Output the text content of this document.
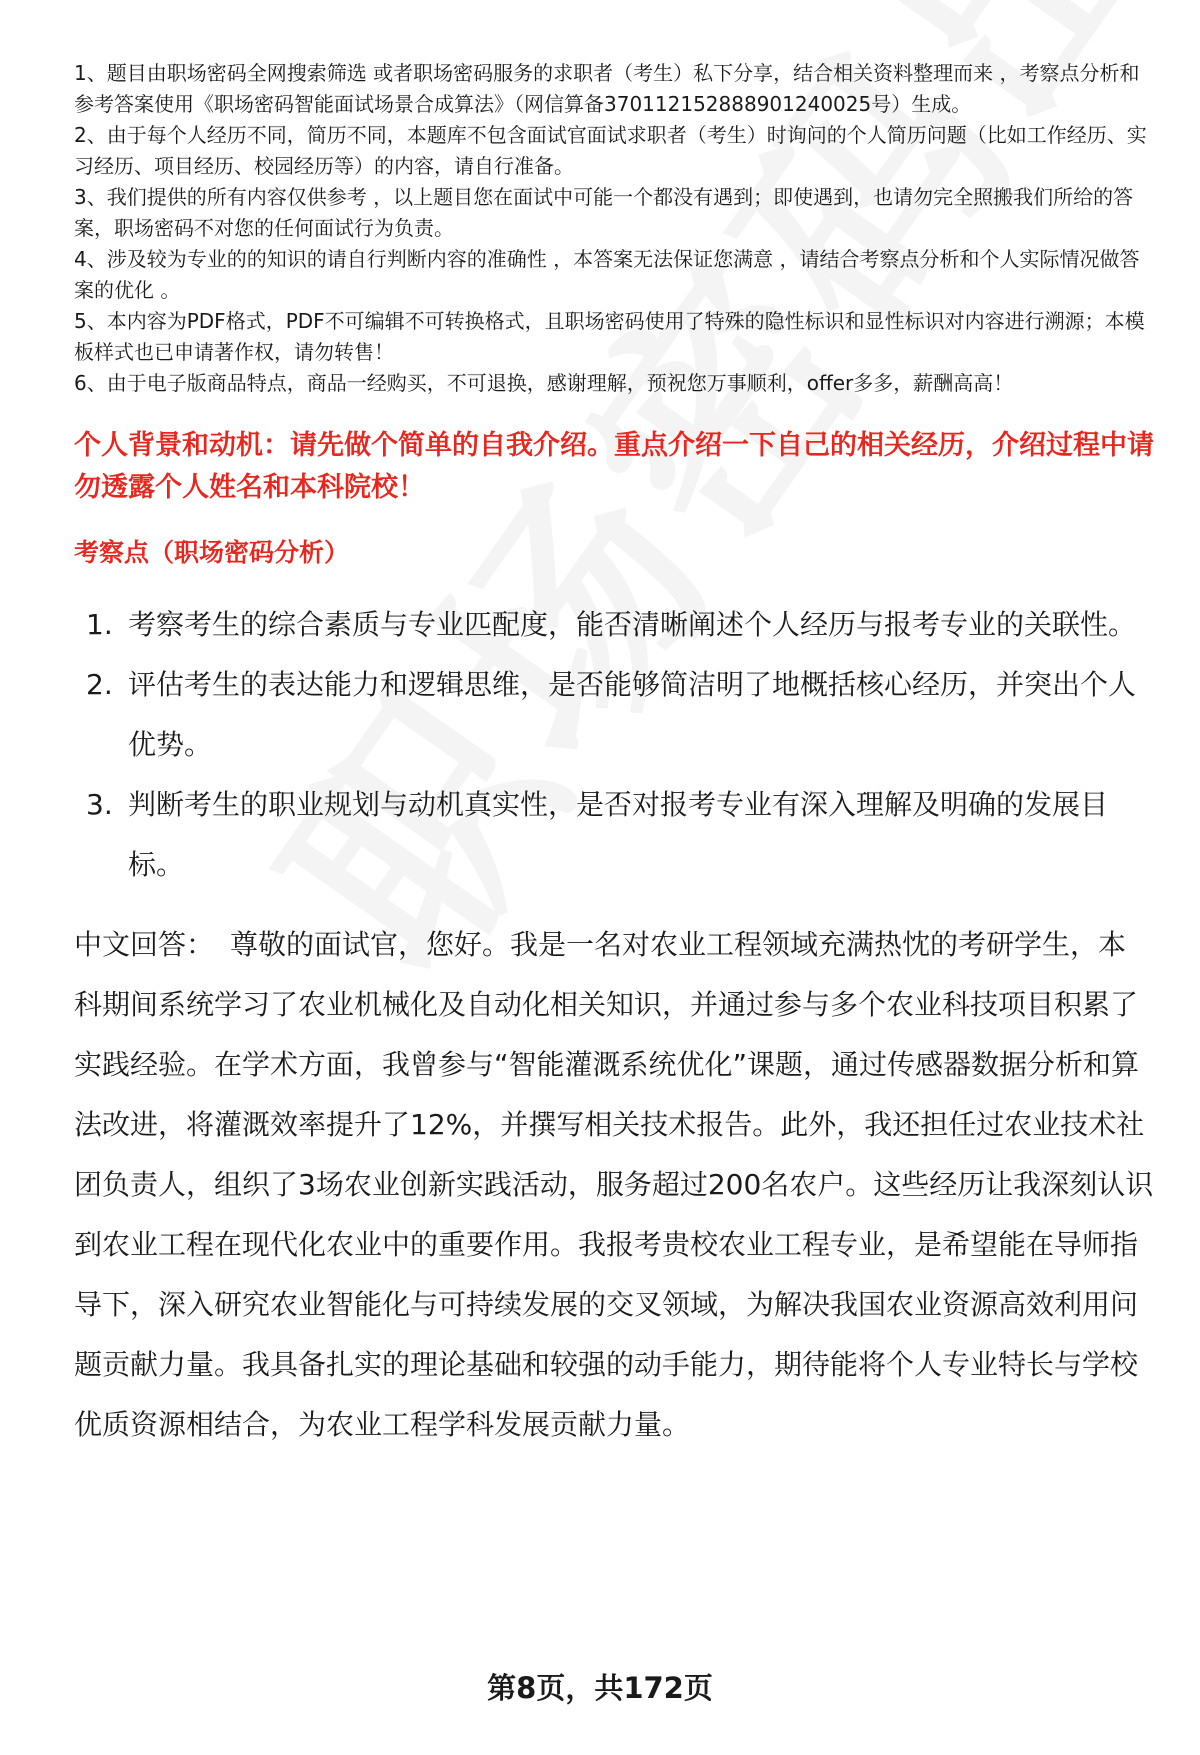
1、题目由职场密码全网搜索筛选 或者职场密码服务的求职者（考生）私下分享，结合相关资料整理而来 ，考察点分析和参考答案使用《职场密码智能面试场景合成算法》（网信算备370112152888901240025号）生成。

2、由于每个人经历不同，简历不同，本题库不包含面试官面试求职者（考生）时询问的个人简历问题（比如工作经历、实习经历、项目经历、校园经历等）的内容，请自行准备。

3、我们提供的所有内容仅供参考 ，以上题目您在面试中可能一个都没有遇到；即使遇到，也请勿完全照搬我们所给的答案，职场密码不对您的任何面试行为负责。

4、涉及较为专业的的知识的请自行判断内容的准确性 ，本答案无法保证您满意 ，请结合考察点分析和个人实际情况做答案的优化 。

5、本内容为PDF格式，PDF不可编辑不可转换格式，且职场密码使用了特殊的隐性标识和显性标识对内容进行溯源；本模板样式也已申请著作权，请勿转售！

6、由于电子版商品特点，商品一经购买，不可退换，感谢理解，预祝您万事顺利，offer多多，薪酬高高！

个人背景和动机：请先做个简单的自我介绍。重点介绍一下自己的相关经历，介绍过程中请勿透露个人姓名和本科院校！
考察点（职场密码分析）
1. 考察考生的综合素质与专业匹配度，能否清晰阐述个人经历与报考专业的关联性。
2. 评估考生的表达能力和逻辑思维，是否能够简洁明了地概括核心经历，并突出个人优势。
3. 判断考生的职业规划与动机真实性，是否对报考专业有深入理解及明确的发展目标。
中文回答： 尊敬的面试官，您好。我是一名对农业工程领域充满热忱的考研学生，本科期间系统学习了农业机械化及自动化相关知识，并通过参与多个农业科技项目积累了实践经验。在学术方面，我曾参与“智能灌溉系统优化”课题，通过传感器数据分析和算法改进，将灌溉效率提升了12%，并撰写相关技术报告。此外，我还担任过农业技术社团负责人，组织了3场农业创新实践活动，服务超过200名农户。这些经历让我深刻认识到农业工程在现代化农业中的重要作用。我报考贵校农业工程专业，是希望能在导师指导下，深入研究农业智能化与可持续发展的交叉领域，为解决我国农业资源高效利用问题贡献力量。我具备扎实的理论基础和较强的动手能力，期待能将个人专业特长与学校优质资源相结合，为农业工程学科发展贡献力量。
第8页，共172页
